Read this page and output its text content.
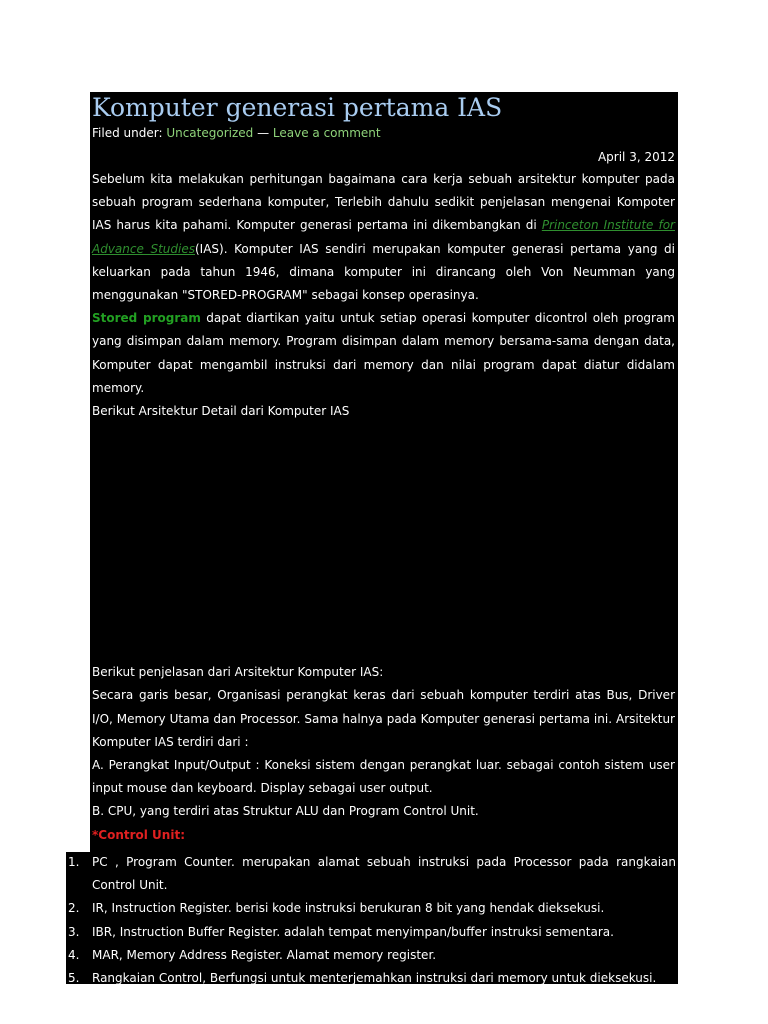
Komputer generasi pertama IAS
Filed under: Uncategorized — Leave a comment
April 3, 2012

Sebelum kita melakukan perhitungan bagaimana cara kerja sebuah arsitektur komputer pada sebuah program sederhana komputer, Terlebih dahulu sedikit penjelasan mengenai Kompoter IAS harus kita pahami. Komputer generasi pertama ini dikembangkan di Princeton Institute for Advance Studies(IAS). Komputer IAS sendiri merupakan komputer generasi pertama yang di keluarkan pada tahun 1946, dimana komputer ini dirancang oleh Von Neumman yang menggunakan "STORED-PROGRAM" sebagai konsep operasinya.

Stored program dapat diartikan yaitu untuk setiap operasi komputer dicontrol oleh program yang disimpan dalam memory. Program disimpan dalam memory bersama-sama dengan data, Komputer dapat mengambil instruksi dari memory dan nilai program dapat diatur didalam memory.

Berikut Arsitektur Detail dari Komputer IAS

Berikut penjelasan dari Arsitektur Komputer IAS:

Secara garis besar, Organisasi perangkat keras dari sebuah komputer terdiri atas Bus, Driver I/O, Memory Utama dan Processor. Sama halnya pada Komputer generasi pertama ini. Arsitektur Komputer IAS terdiri dari :

A. Perangkat Input/Output : Koneksi sistem dengan perangkat luar. sebagai contoh sistem user input mouse dan keyboard. Display sebagai user output.

B. CPU, yang terdiri atas Struktur ALU dan Program Control Unit.

*Control Unit:

1. PC , Program Counter. merupakan alamat sebuah instruksi pada Processor pada rangkaian Control Unit.
2. IR, Instruction Register. berisi kode instruksi berukuran 8 bit yang hendak dieksekusi.
3. IBR, Instruction Buffer Register. adalah tempat menyimpan/buffer instruksi sementara.
4. MAR, Memory Address Register. Alamat memory register.
5. Rangkaian Control, Berfungsi untuk menterjemahkan instruksi dari memory untuk dieksekusi.
